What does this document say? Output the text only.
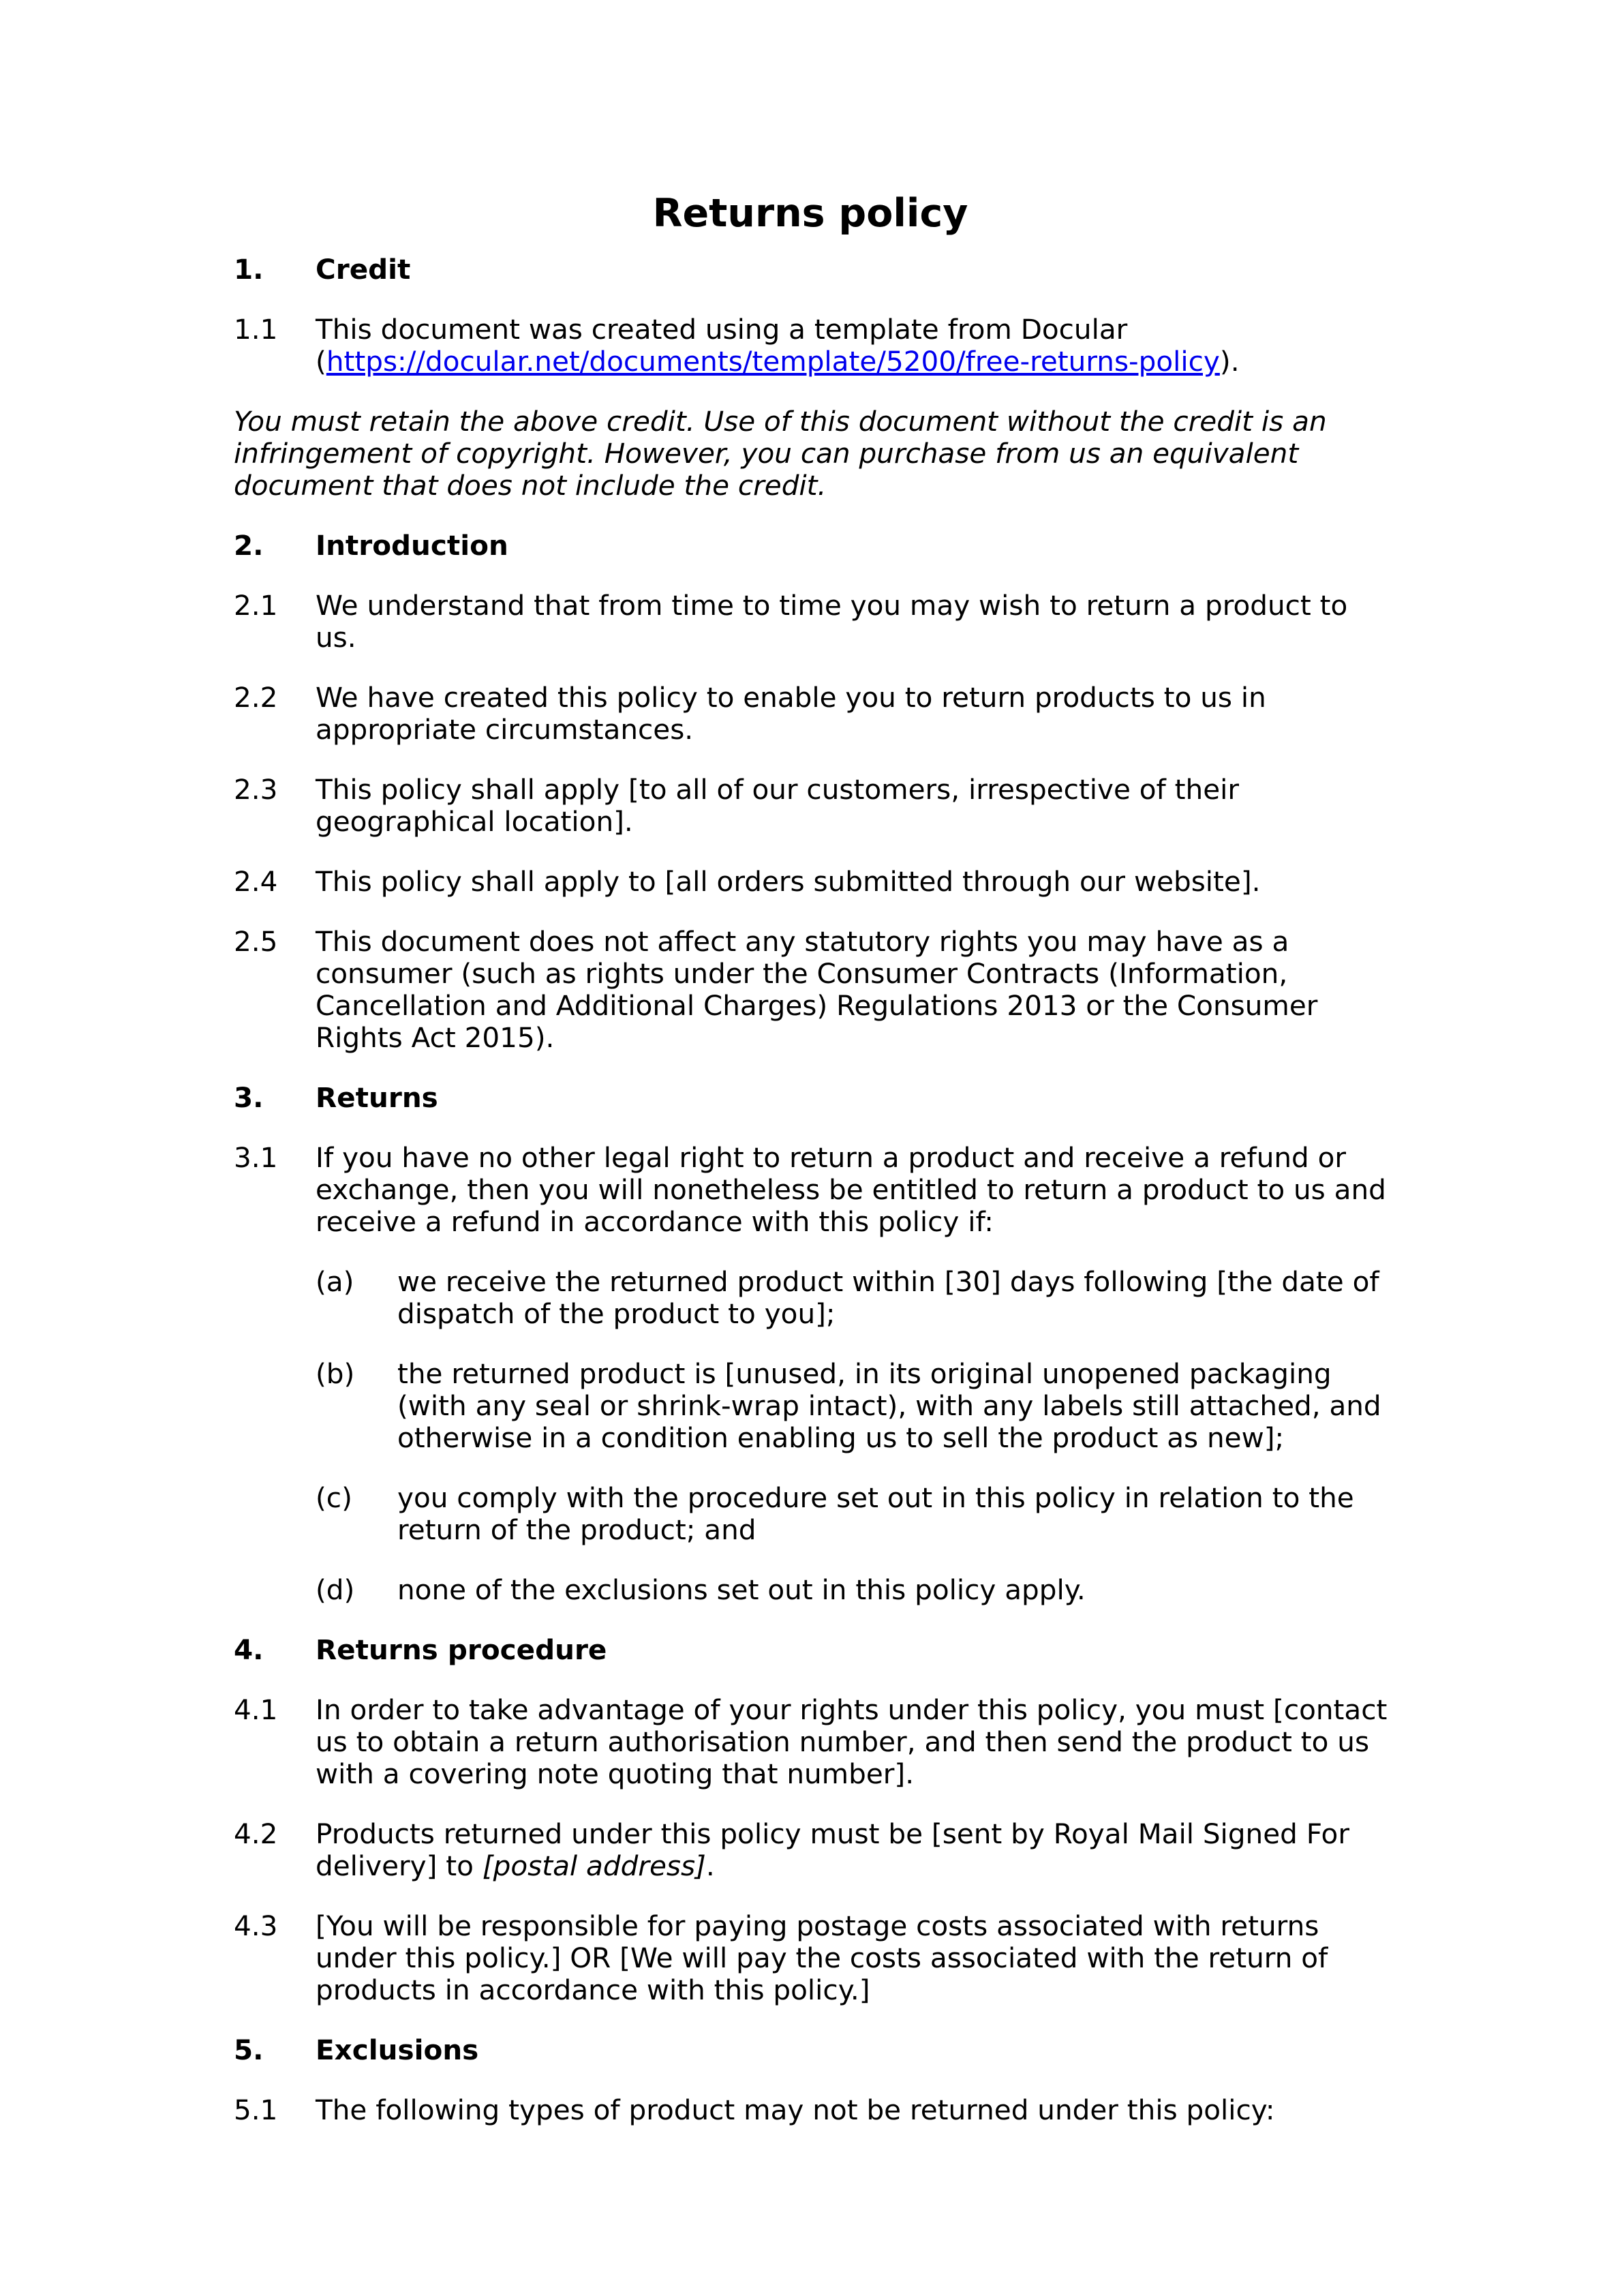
Returns policy
1.	Credit
1.1	This document was created using a template from Docular (https://docular.net/documents/template/5200/free-returns-policy).
You must retain the above credit. Use of this document without the credit is an infringement of copyright. However, you can purchase from us an equivalent document that does not include the credit.
2.	Introduction
2.1	We understand that from time to time you may wish to return a product to us.
2.2	We have created this policy to enable you to return products to us in appropriate circumstances.
2.3	This policy shall apply [to all of our customers, irrespective of their geographical location].
2.4	This policy shall apply to [all orders submitted through our website].
2.5	This document does not affect any statutory rights you may have as a consumer (such as rights under the Consumer Contracts (Information, Cancellation and Additional Charges) Regulations 2013 or the Consumer Rights Act 2015).
3.	Returns
3.1	If you have no other legal right to return a product and receive a refund or exchange, then you will nonetheless be entitled to return a product to us and receive a refund in accordance with this policy if:
(a)	we receive the returned product within [30] days following [the date of dispatch of the product to you];
(b)	the returned product is [unused, in its original unopened packaging (with any seal or shrink-wrap intact), with any labels still attached, and otherwise in a condition enabling us to sell the product as new];
(c)	you comply with the procedure set out in this policy in relation to the return of the product; and
(d)	none of the exclusions set out in this policy apply.
4.	Returns procedure
4.1	In order to take advantage of your rights under this policy, you must [contact us to obtain a return authorisation number, and then send the product to us with a covering note quoting that number].
4.2	Products returned under this policy must be [sent by Royal Mail Signed For delivery] to [postal address].
4.3	[You will be responsible for paying postage costs associated with returns under this policy.] OR [We will pay the costs associated with the return of products in accordance with this policy.]
5.	Exclusions
5.1	The following types of product may not be returned under this policy:
